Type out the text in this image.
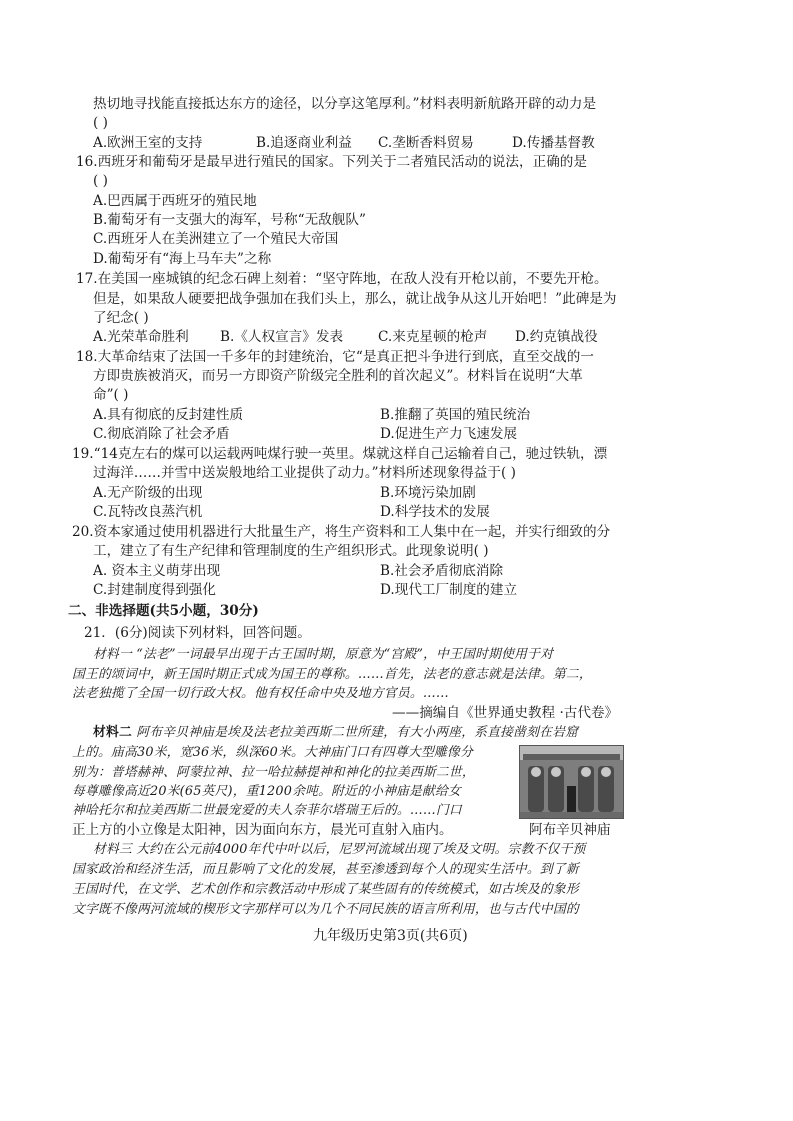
热切地寻找能直接抵达东方的途径，以分享这笔厚利。”材料表明新航路开辟的动力是
( )
A.欧洲王室的支持	B.追逐商业利益 C.垄断香料贸易	D.传播基督教
16.西班牙和葡萄牙是最早进行殖民的国家。下列关于二者殖民活动的说法，正确的是
( )
A.巴西属于西班牙的殖民地
B.葡萄牙有一支强大的海军，号称“无敌舰队”
C.西班牙人在美洲建立了一个殖民大帝国
D.葡萄牙有“海上马车夫”之称
17.在美国一座城镇的纪念石碑上刻着：“坚守阵地，在敌人没有开枪以前，不要先开枪。
但是，如果敌人硬要把战争强加在我们头上，那么，就让战争从这儿开始吧！”此碑是为
了纪念( )
A.光荣革命胜利 B.《人权宣言》发表	C.来克星顿的枪声 D.约克镇战役
18.大革命结束了法国一千多年的封建统治，它“是真正把斗争进行到底，直至交战的一
方即贵族被消灭，而另一方即资产阶级完全胜利的首次起义”。材料旨在说明“大革
命”( )
A.具有彻底的反封建性质	B.推翻了英国的殖民统治
C.彻底消除了社会矛盾	D.促进生产力飞速发展
19.“14克左右的煤可以运载两吨煤行驶一英里。煤就这样自己运输着自己，驰过铁轨，漂
过海洋……并雪中送炭般地给工业提供了动力。”材料所述现象得益于( )
A.无产阶级的出现	B.环境污染加剧
C.瓦特改良蒸汽机	D.科学技术的发展
20.资本家通过使用机器进行大批量生产，将生产资料和工人集中在一起，并实行细致的分
工，建立了有生产纪律和管理制度的生产组织形式。此现象说明( )
A. 资本主义萌芽出现	B.社会矛盾彻底消除
C.封建制度得到强化	D.现代工厂制度的建立
二、非选择题(共5小题，30分)
21．(6分)阅读下列材料，回答问题。
材料一 “法老”一词最早出现于古王国时期，原意为“宫殿”，中王国时期使用于对
国王的颂词中，新王国时期正式成为国王的尊称。……首先，法老的意志就是法律。第二，
法老独揽了全国一切行政大权。他有权任命中央及地方官员。……
——摘编自《世界通史教程 ·古代卷》
材料二 阿布辛贝神庙是埃及法老拉美西斯二世所建，有大小两座，系直接凿刻在岩窟
上的。庙高30米，宽36米，纵深60米。大神庙门口有四尊大型雕像分
别为：普塔赫神、阿蒙拉神、拉一哈拉赫提神和神化的拉美西斯二世，
每尊雕像高近20米(65英尺)，重1200余吨。附近的小神庙是献给女
神哈托尔和拉美西斯二世最宠爱的夫人奈菲尔塔瑞王后的。……门口
正上方的小立像是太阳神，因为面向东方，晨光可直射入庙内。	阿布辛贝神庙
材料三 大约在公元前4000年代中叶以后，尼罗河流域出现了埃及文明。宗教不仅干预
国家政治和经济生活，而且影响了文化的发展，甚至渗透到每个人的现实生活中。到了新
王国时代，在文学、艺术创作和宗教活动中形成了某些固有的传统模式，如古埃及的象形
文字既不像两河流域的楔形文字那样可以为几个不同民族的语言所利用，也与古代中国的
九年级历史第3页(共6页)
